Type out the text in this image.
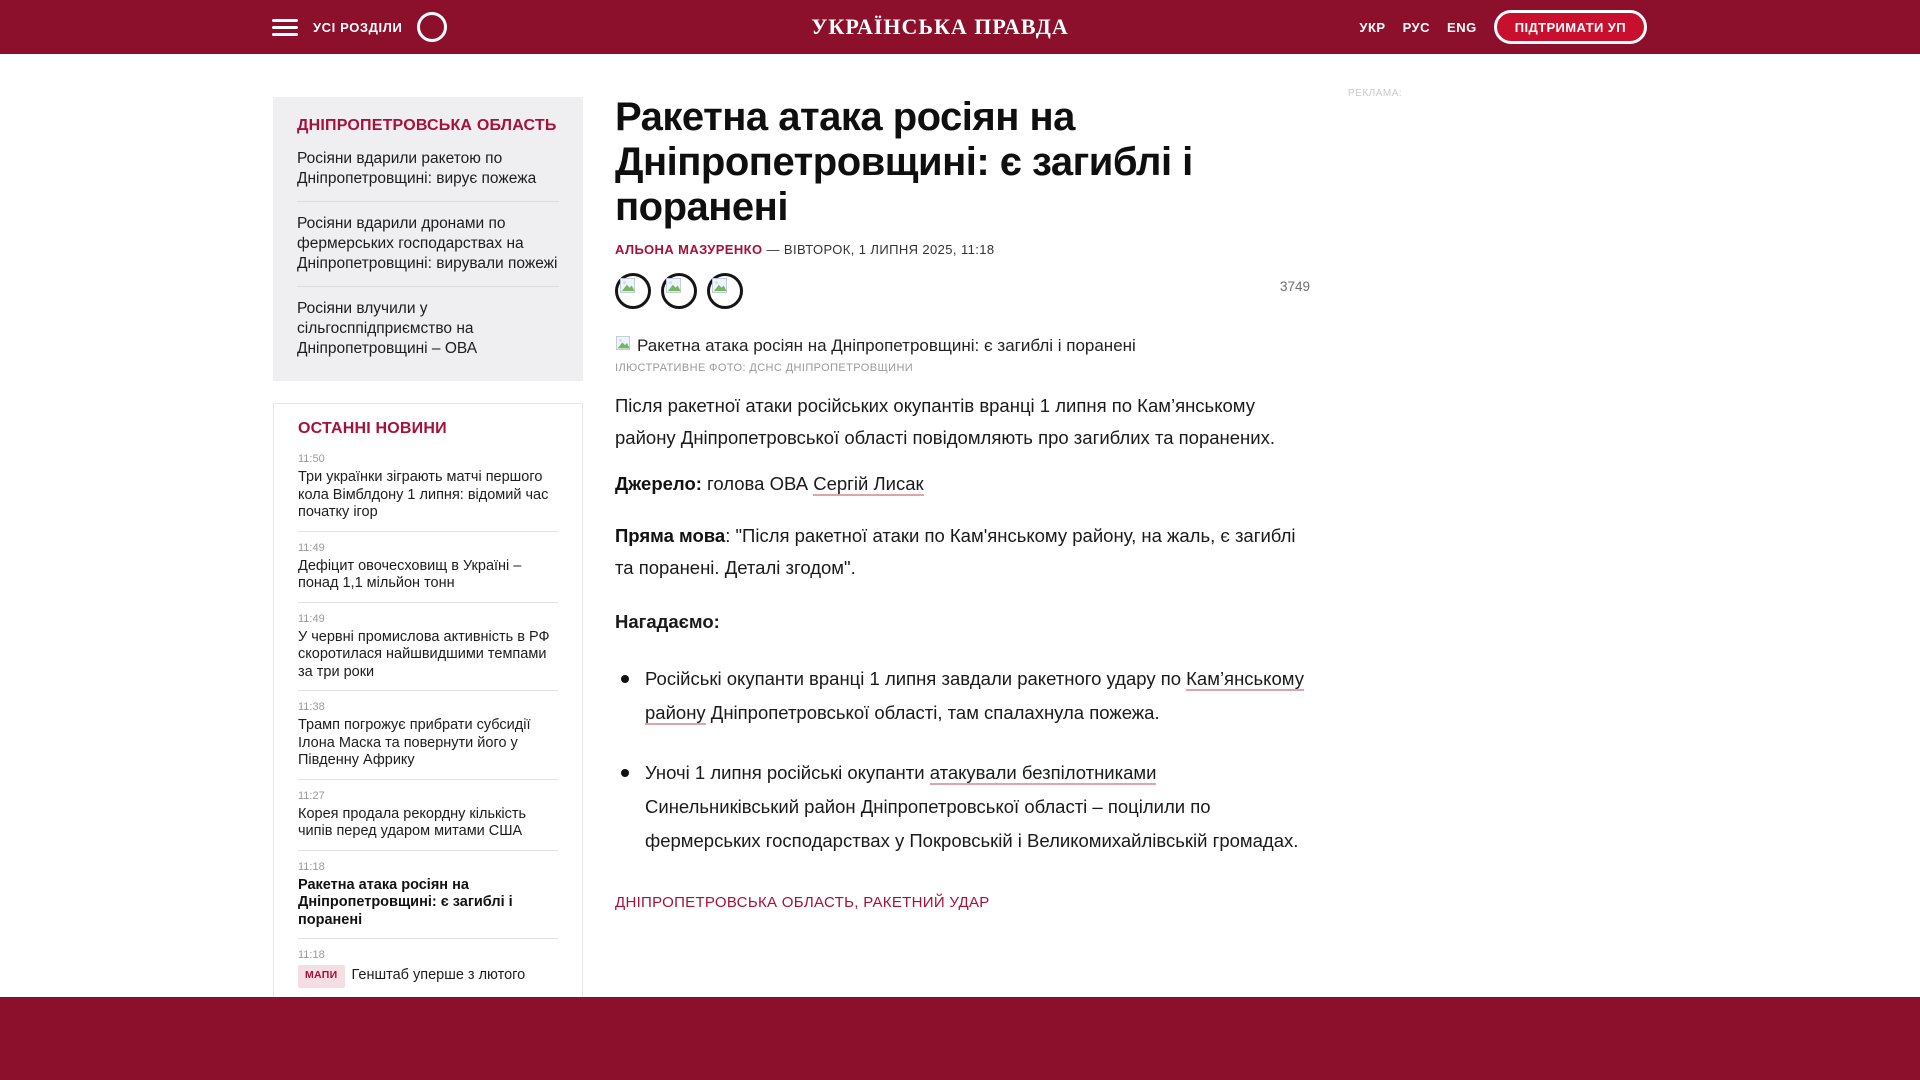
УСІ РОЗДІЛИ	УКРАЇНСЬКА ПРАВДА	УКР РУС ENG	ПІДТРИМАТИ УП
РЕКЛАМА:
ДНІПРОПЕТРОВСЬКА ОБЛАСТЬ
Росіяни вдарили ракетою по Дніпропетровщині: вирує пожежа
Росіяни вдарили дронами по фермерських господарствах на Дніпропетровщині: вирували пожежі
Росіяни влучили у сільгосппідприємство на Дніпропетровщині – ОВА
ОСТАННІ НОВИНИ
11:50
Три українки зіграють матчі першого кола Вімблдону 1 липня: відомий час початку ігор
11:49
Дефіцит овочесховищ в Україні – понад 1,1 мільйон тонн
11:49
У червні промислова активність в РФ скоротилася найшвидшими темпами за три роки
11:38
Трамп погрожує прибрати субсидії Ілона Маска та повернути його у Південну Африку
11:27
Корея продала рекордну кількість чипів перед ударом митами США
11:18
Ракетна атака росіян на Дніпропетровщині: є загиблі і поранені
11:18
МАПИ Генштаб уперше з лютого
Ракетна атака росіян на Дніпропетровщині: є загиблі і поранені
АЛЬОНА МАЗУРЕНКО — ВІВТОРОК, 1 ЛИПНЯ 2025, 11:18
3749
Ракетна атака росіян на Дніпропетровщині: є загиблі і поранені
ІЛЮСТРАТИВНЕ ФОТО: ДСНС ДНІПРОПЕТРОВЩИНИ

Після ракетної атаки російських окупантів вранці 1 липня по Кам’янському району Дніпропетровської області повідомляють про загиблих та поранених.

Джерело: голова ОВА Сергій Лисак

Пряма мова: "Після ракетної атаки по Кам'янському району, на жаль, є загиблі та поранені. Деталі згодом".

Нагадаємо:

Російські окупанти вранці 1 липня завдали ракетного удару по Кам’янському району Дніпропетровської області, там спалахнула пожежа.
Уночі 1 липня російські окупанти атакували безпілотниками Синельниківський район Дніпропетровської області – поцілили по фермерських господарствах у Покровській і Великомихайлівській громадах.
ДНІПРОПЕТРОВСЬКА ОБЛАСТЬ, РАКЕТНИЙ УДАР
